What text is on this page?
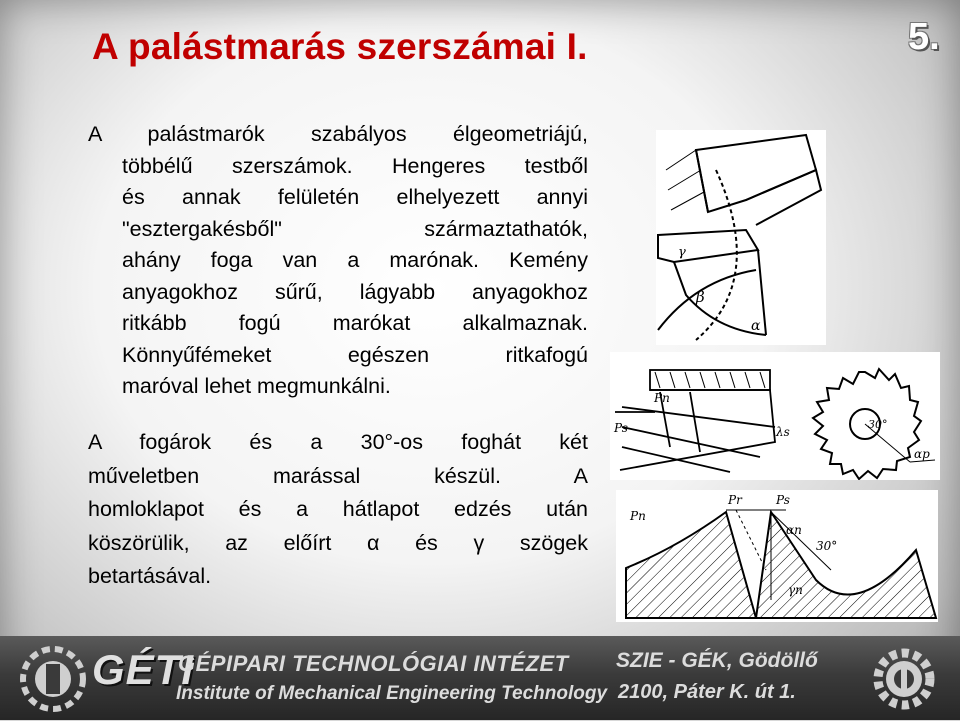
A palástmarás szerszámai I.	5.
A palástmarók szabályos élgeometriájú,
többélű szerszámok. Hengeres testből
és annak felületén elhelyezett annyi
"esztergakésből" származtathatók,
ahány foga van a marónak. Kemény
anyagokhoz sűrű, lágyabb anyagokhoz
ritkább fogú marókat alkalmaznak.
Könnyűfémeket egészen ritkafogú
maróval lehet megmunkálni.
A fogárok és a 30°-os foghát két
műveletben marással készül. A
homloklapot és a hátlapot edzés után
köszörülik, az előírt α és γ szögek
betartásával.
γ
β
α
Pn
Ps	λs
30°
αp
Pn
Pr	Ps
αn
30°
γn
GÉTI
GÉPIPARI TECHNOLÓGIAI INTÉZET
Institute of Mechanical Engineering Technology
SZIE - GÉK, Gödöllő
2100, Páter K. út 1.
